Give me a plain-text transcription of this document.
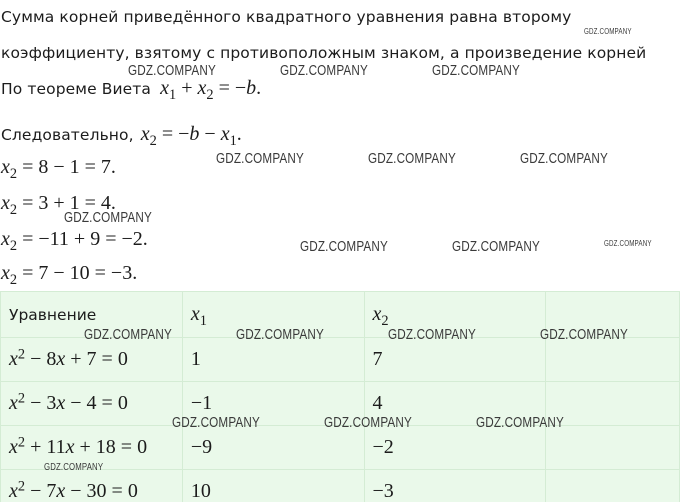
Сумма корней приведённого квадратного уравнения равна второму
коэффициенту, взятому с противоположным знаком, а произведение корней
По теореме Виета $x_1 + x_2 = -b$.
Следовательно, $x_2 = -b - x_1$.
$x_2 = 8 - 1 = 7$.
$x_2 = 3 + 1 = 4$.
$x_2 = -11 + 9 = -2$.
$x_2 = 7 - 10 = -3$.
Уравнение	$x_1$	$x_2$	
$x^2 - 8x + 7 = 0$	1	7	
$x^2 - 3x - 4 = 0$	−1	4	
$x^2 + 11x + 18 = 0$	−9	−2	
$x^2 - 7x - 30 = 0$	10	−3	
GDZ.COMPANY
GDZ.COMPANY	GDZ.COMPANY	GDZ.COMPANY
GDZ.COMPANY	GDZ.COMPANY	GDZ.COMPANY
GDZ.COMPANY
GDZ.COMPANY	GDZ.COMPANY	GDZ.COMPANY
GDZ.COMPANY	GDZ.COMPANY	GDZ.COMPANY	GDZ.COMPANY
GDZ.COMPANY	GDZ.COMPANY	GDZ.COMPANY
GDZ.COMPANY
